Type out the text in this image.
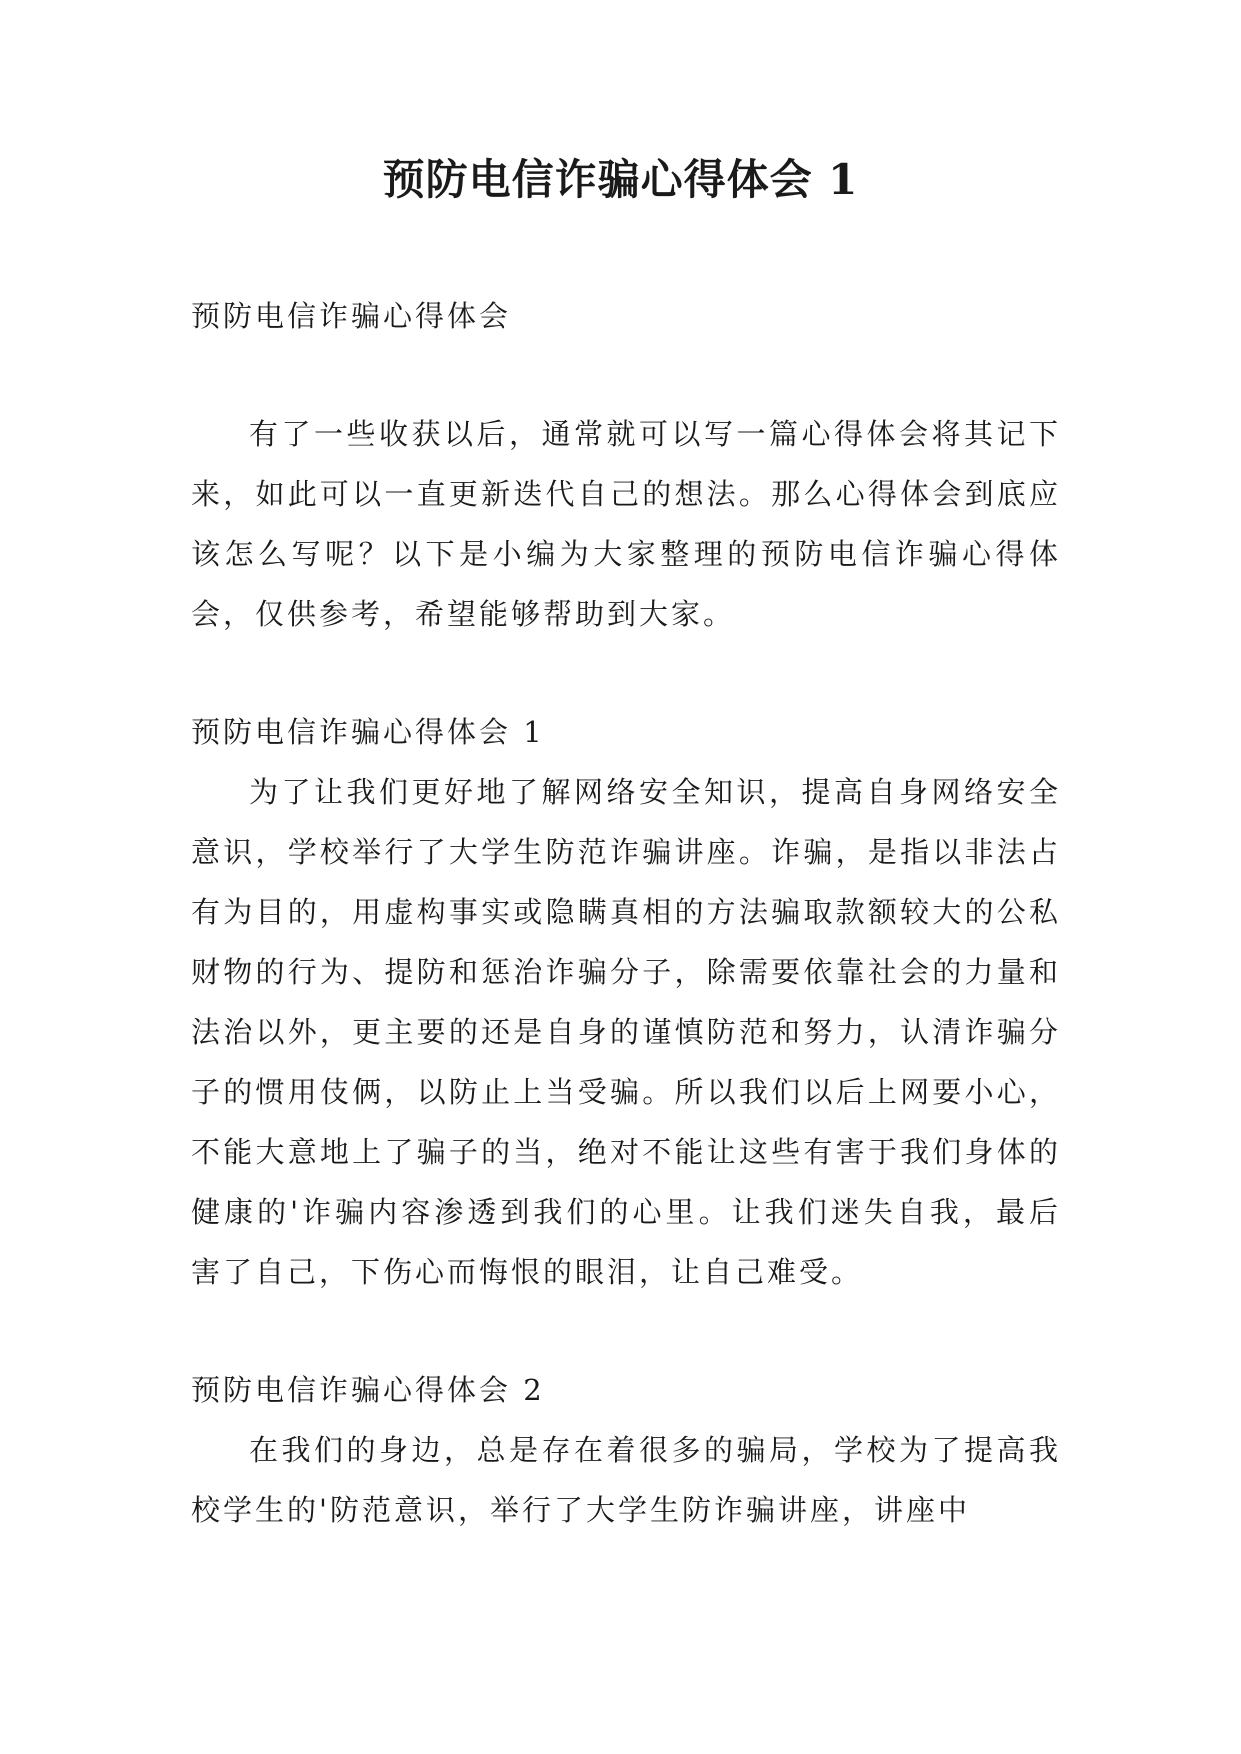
预防电信诈骗心得体会 1

预防电信诈骗心得体会

有了一些收获以后，通常就可以写一篇心得体会将其记下来，如此可以一直更新迭代自己的想法。那么心得体会到底应该怎么写呢？以下是小编为大家整理的预防电信诈骗心得体会，仅供参考，希望能够帮助到大家。

预防电信诈骗心得体会 1

为了让我们更好地了解网络安全知识，提高自身网络安全意识，学校举行了大学生防范诈骗讲座。诈骗，是指以非法占有为目的，用虚构事实或隐瞒真相的方法骗取款额较大的公私财物的行为、提防和惩治诈骗分子，除需要依靠社会的力量和法治以外，更主要的还是自身的谨慎防范和努力，认清诈骗分子的惯用伎俩，以防止上当受骗。所以我们以后上网要小心，不能大意地上了骗子的当，绝对不能让这些有害于我们身体的健康的'诈骗内容渗透到我们的心里。让我们迷失自我，最后害了自己，下伤心而悔恨的眼泪，让自己难受。

预防电信诈骗心得体会 2

在我们的身边，总是存在着很多的骗局，学校为了提高我校学生的'防范意识，举行了大学生防诈骗讲座，讲座中
